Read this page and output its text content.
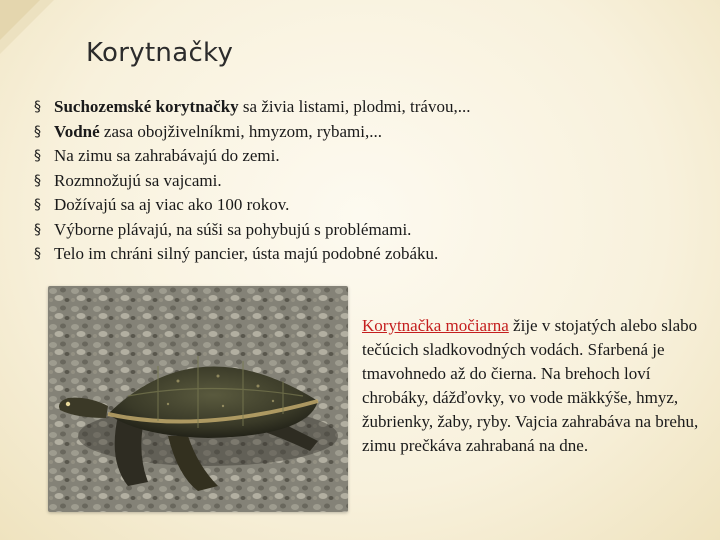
Korytnačky
§ Suchozemské korytnačky sa živia listami, plodmi, trávou,...
§ Vodné zasa obojživelníkmi, hmyzom, rybami,...
§ Na zimu sa zahrabávajú do zemi.
§ Rozmnožujú sa vajcami.
§ Dožívajú sa aj viac ako 100 rokov.
§ Výborne plávajú, na súši sa pohybujú s problémami.
§ Telo im chráni silný pancier, ústa majú podobné zobáku.
Korytnačka močiarna žije v stojatých alebo slabo tečúcich sladkovodných vodách. Sfarbená je tmavohnedo až do čierna. Na brehoch loví chrobáky, dážďovky, vo vode mäkkýše, hmyz, žubrienky, žaby, ryby. Vajcia zahrabáva na brehu, zimu prečkáva zahrabaná na dne.
